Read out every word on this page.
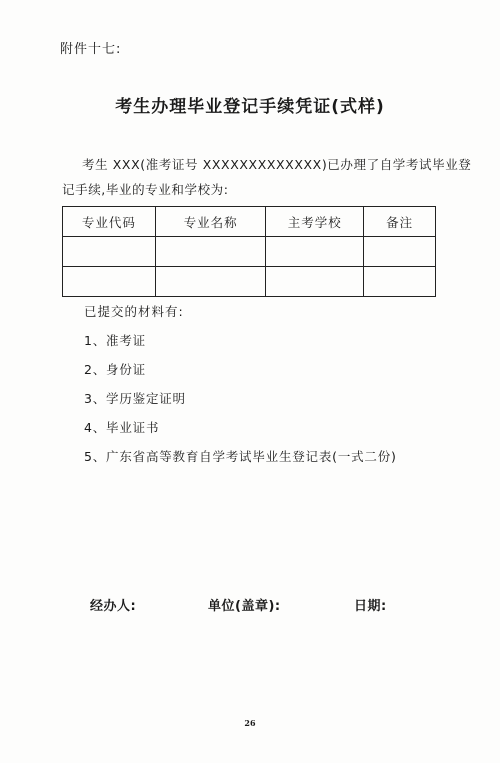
附件十七:
考生办理毕业登记手续凭证(式样)
考生 XXX(准考证号 XXXXXXXXXXXXX)已办理了自学考试毕业登
记手续,毕业的专业和学校为:
专业代码	专业名称	主考学校	备注

已提交的材料有:
1、准考证
2、身份证
3、学历鉴定证明
4、毕业证书
5、广东省高等教育自学考试毕业生登记表(一式二份)
经办人:	单位(盖章):	日期:
26
